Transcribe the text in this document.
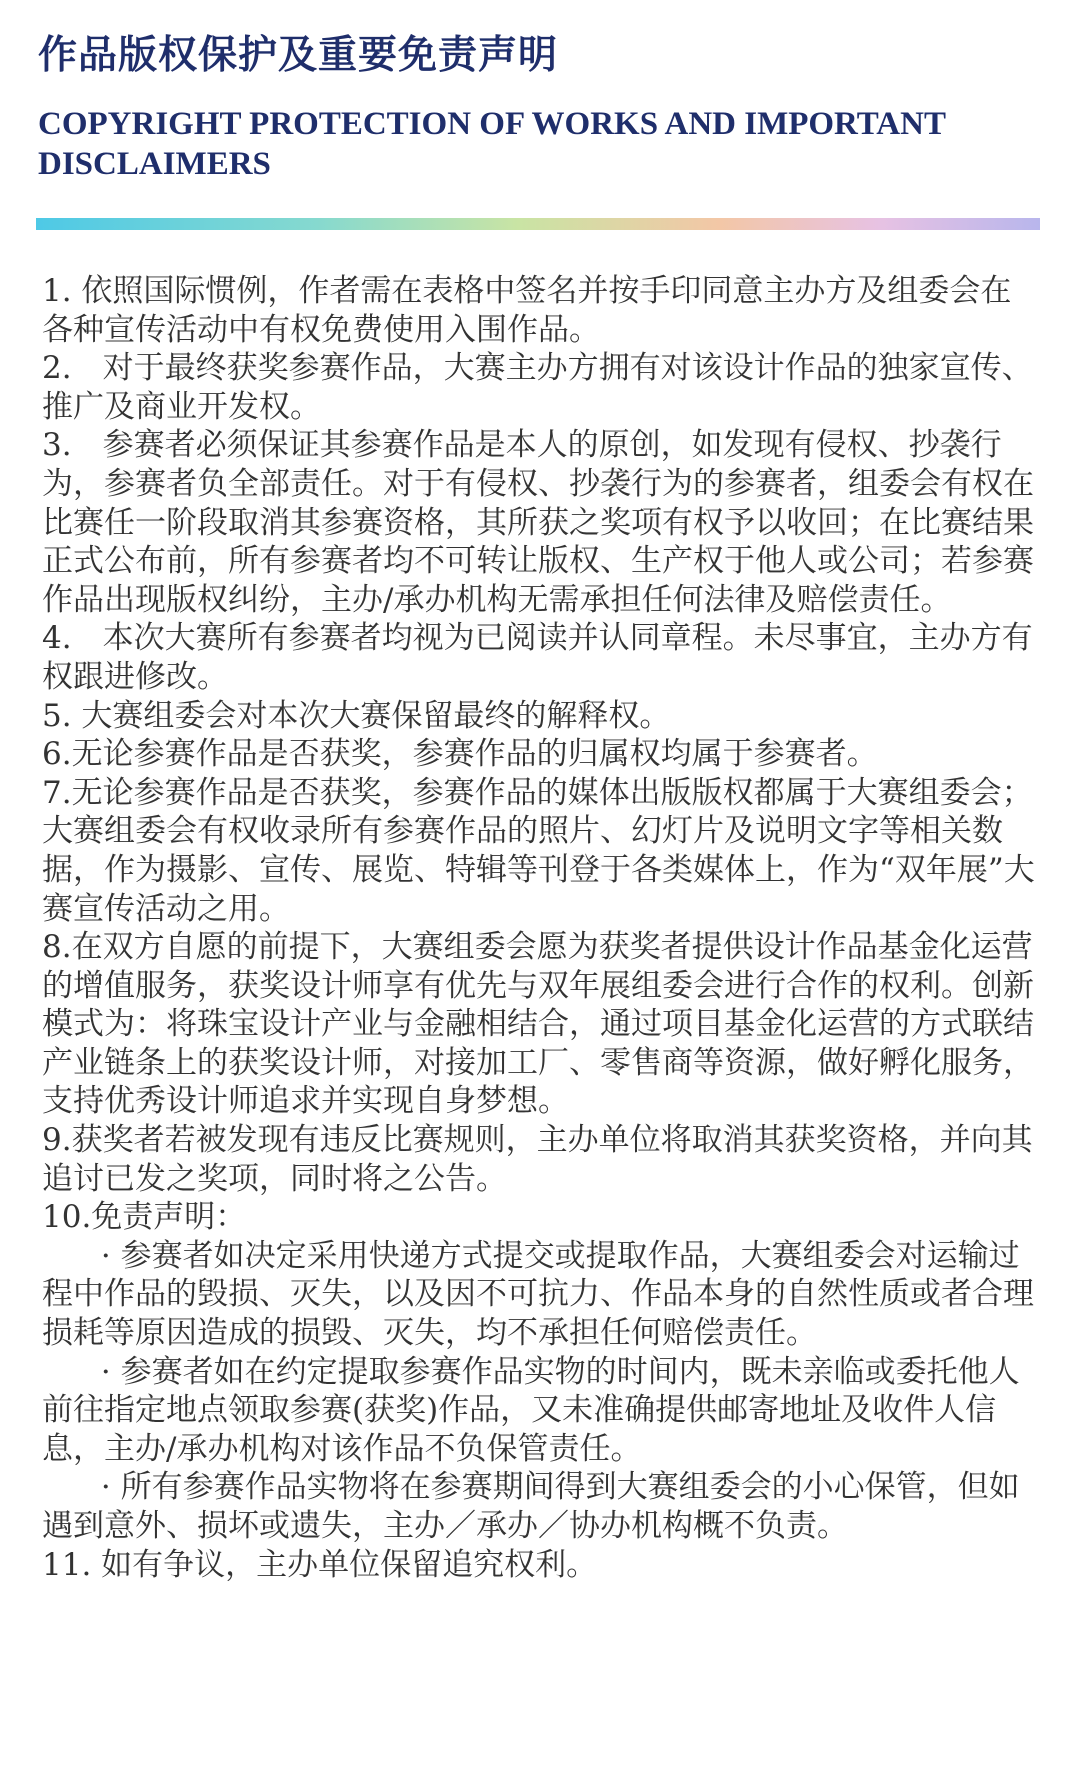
作品版权保护及重要免责声明
COPYRIGHT PROTECTION OF WORKS AND IMPORTANT
DISCLAIMERS

1. 依照国际惯例，作者需在表格中签名并按手印同意主办方及组委会在各种宣传活动中有权免费使用入围作品。

2.　对于最终获奖参赛作品，大赛主办方拥有对该设计作品的独家宣传、推广及商业开发权。

3.　参赛者必须保证其参赛作品是本人的原创，如发现有侵权、抄袭行为，参赛者负全部责任。对于有侵权、抄袭行为的参赛者，组委会有权在比赛任一阶段取消其参赛资格，其所获之奖项有权予以收回；在比赛结果正式公布前，所有参赛者均不可转让版权、生产权于他人或公司；若参赛作品出现版权纠纷，主办/承办机构无需承担任何法律及赔偿责任。

4.　本次大赛所有参赛者均视为已阅读并认同章程。未尽事宜，主办方有权跟进修改。

5. 大赛组委会对本次大赛保留最终的解释权。

6.无论参赛作品是否获奖，参赛作品的归属权均属于参赛者。

7.无论参赛作品是否获奖，参赛作品的媒体出版版权都属于大赛组委会；大赛组委会有权收录所有参赛作品的照片、幻灯片及说明文字等相关数据，作为摄影、宣传、展览、特辑等刊登于各类媒体上，作为“双年展”大赛宣传活动之用。

8.在双方自愿的前提下，大赛组委会愿为获奖者提供设计作品基金化运营的增值服务，获奖设计师享有优先与双年展组委会进行合作的权利。创新模式为：将珠宝设计产业与金融相结合，通过项目基金化运营的方式联结产业链条上的获奖设计师，对接加工厂、零售商等资源，做好孵化服务，支持优秀设计师追求并实现自身梦想。

9.获奖者若被发现有违反比赛规则，主办单位将取消其获奖资格，并向其追讨已发之奖项，同时将之公告。

10.免责声明：

· 参赛者如决定采用快递方式提交或提取作品，大赛组委会对运输过程中作品的毁损、灭失，以及因不可抗力、作品本身的自然性质或者合理损耗等原因造成的损毁、灭失，均不承担任何赔偿责任。

· 参赛者如在约定提取参赛作品实物的时间内，既未亲临或委托他人前往指定地点领取参赛(获奖)作品，又未准确提供邮寄地址及收件人信息，主办/承办机构对该作品不负保管责任。

· 所有参赛作品实物将在参赛期间得到大赛组委会的小心保管，但如遇到意外、损坏或遗失，主办／承办／协办机构概不负责。

11. 如有争议，主办单位保留追究权利。
